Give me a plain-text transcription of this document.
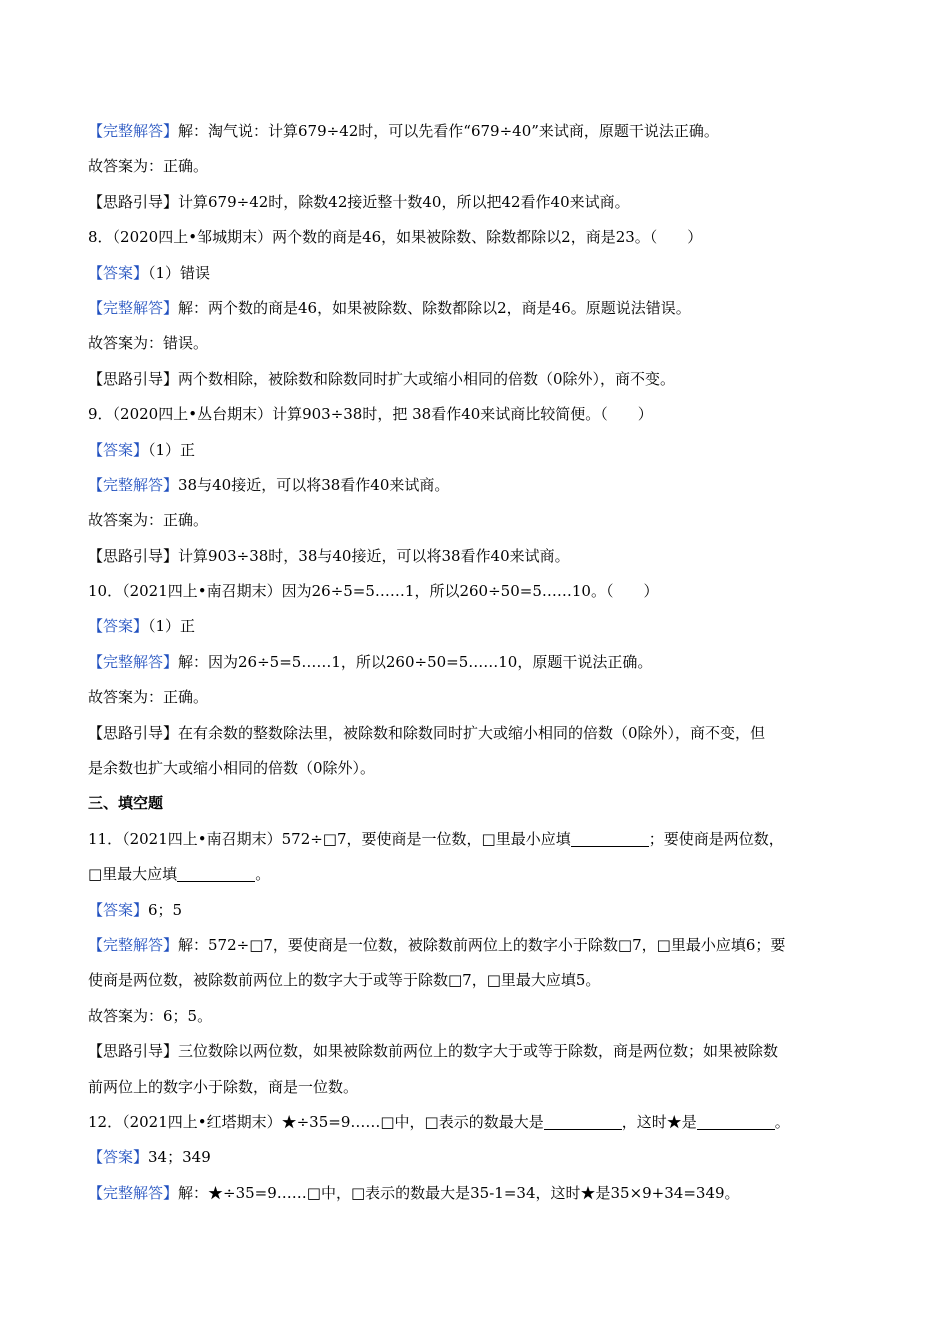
【完整解答】解：淘气说：计算679÷42时，可以先看作“679÷40”来试商，原题干说法正确。
故答案为：正确。
【思路引导】计算679÷42时，除数42接近整十数40，所以把42看作40来试商。
8．（2020四上•邹城期末）两个数的商是46，如果被除数、除数都除以2，商是23。（　　）
【答案】（1）错误
【完整解答】解：两个数的商是46，如果被除数、除数都除以2，商是46。原题说法错误。
故答案为：错误。
【思路引导】两个数相除，被除数和除数同时扩大或缩小相同的倍数（0除外），商不变。
9．（2020四上•丛台期末）计算903÷38时，把 38看作40来试商比较简便。（　　）
【答案】（1）正
【完整解答】38与40接近，可以将38看作40来试商。
故答案为：正确。
【思路引导】计算903÷38时，38与40接近，可以将38看作40来试商。
10．（2021四上•南召期末）因为26÷5=5……1，所以260÷50=5……10。（　　）
【答案】（1）正
【完整解答】解：因为26÷5=5……1，所以260÷50=5……10，原题干说法正确。
故答案为：正确。
【思路引导】在有余数的整数除法里，被除数和除数同时扩大或缩小相同的倍数（0除外），商不变，但
是余数也扩大或缩小相同的倍数（0除外）。
三、填空题
11．（2021四上•南召期末）572÷□7，要使商是一位数，□里最小应填	；要使商是两位数，
□里最大应填	。
【答案】6；5
【完整解答】解：572÷□7，要使商是一位数，被除数前两位上的数字小于除数□7，□里最小应填6；要
使商是两位数，被除数前两位上的数字大于或等于除数□7，□里最大应填5。
故答案为：6；5。
【思路引导】三位数除以两位数，如果被除数前两位上的数字大于或等于除数，商是两位数；如果被除数
前两位上的数字小于除数，商是一位数。
12．（2021四上•红塔期末）★÷35=9……□中，□表示的数最大是	，这时★是	。
【答案】34；349
【完整解答】解：★÷35=9……□中，□表示的数最大是35-1=34，这时★是35×9+34=349。
